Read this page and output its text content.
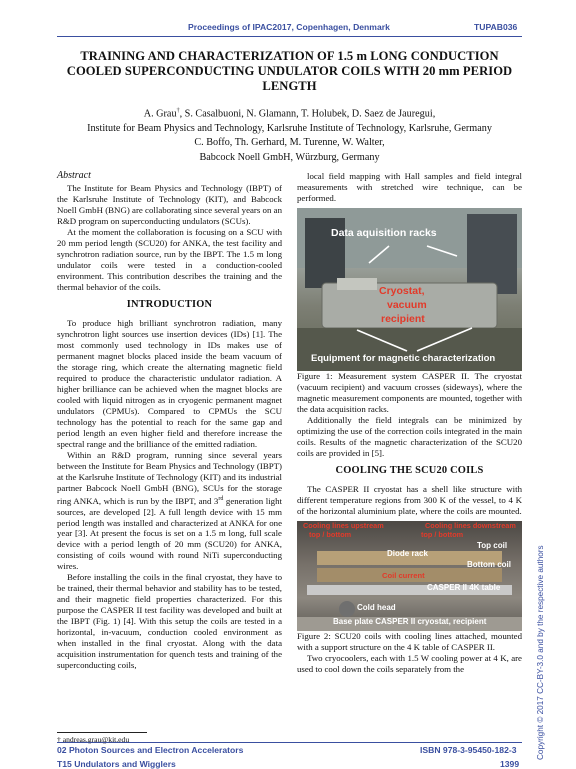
Proceedings of IPAC2017, Copenhagen, Denmark	TUPAB036
TRAINING AND CHARACTERIZATION OF 1.5 m LONG CONDUCTION COOLED SUPERCONDUCTING UNDULATOR COILS WITH 20 mm PERIOD LENGTH
A. Grau†, S. Casalbuoni, N. Glamann, T. Holubek, D. Saez de Jauregui,
Institute for Beam Physics and Technology, Karlsruhe Institute of Technology, Karlsruhe, Germany
C. Boffo, Th. Gerhard, M. Turenne, W. Walter,
Babcock Noell GmbH, Würzburg, Germany
Abstract

The Institute for Beam Physics and Technology (IBPT) of the Karlsruhe Institute of Technology (KIT), and Babcock Noell GmbH (BNG) are collaborating since several years on an R&D program on superconducting undulators (SCUs).

At the moment the collaboration is focusing on a SCU with 20 mm period length (SCU20) for ANKA, the test facility and synchrotron radiation source, run by the IBPT. The 1.5 m long undulator coils were tested in a conduction-cooled environment. This contribution describes the training and the thermal behavior of the coils.

INTRODUCTION

To produce high brilliant synchrotron radiation, many synchrotron light sources use insertion devices (IDs) [1]. The most commonly used technology in IDs makes use of permanent magnet blocks placed inside the beam vacuum of the storage ring, which create the alternating magnetic field required to produce the characteristic undulator radiation. A higher brilliance can be achieved when the magnet blocks are cooled with liquid nitrogen as in cryogenic permanent magnet undulators (CPMUs). Compared to CPMUs the SCU technology has the potential to reach for the same gap and period length an even higher field and therefore increase the spectral range and the brilliance of the emitted radiation.

Within an R&D program, running since several years between the Institute for Beam Physics and Technology (IBPT) at the Karlsruhe Institute of Technology (KIT) and its industrial partner Babcock Noell GmbH (BNG), SCUs for the storage ring ANKA, which is run by the IBPT, and 3rd generation light sources, are developed [2]. A full length device with 15 mm period length was installed and characterized at ANKA for one year [3]. At present the focus is set on a 1.5 m long, full scale device with a period length of 20 mm (SCU20) for ANKA, consisting of coils wound with round NiTi superconducting wires.

Before installing the coils in the final cryostat, they have to be trained, their thermal behavior and stability has to be tested, and their magnetic field properties characterized. For this purpose the CASPER II test facility was developed and built at the IBPT (Fig. 1) [4]. With this setup the coils are tested in a horizontal, in-vacuum, conduction cooled environment as when installed in the final cryostat. Along with the data acquisition instrumentation for quench tests and training of the superconducting coils,

† andreas.grau@kit.edu

local field mapping with Hall samples and field integral measurements with stretched wire technique, can be performed.

Data aquisition racks
Cryostat,
vacuum
recipient
Equipment for magnetic characterization

Figure 1: Measurement system CASPER II. The cryostat (vacuum recipient) and vacuum crosses (sideways), where the magnetic measurement components are mounted, together with the data acquisition racks.

Additionally the field integrals can be minimized by optimizing the use of the correction coils integrated in the main coils. Results of the magnetic characterization of the SCU20 coils are provided in [5].

COOLING THE SCU20 COILS

The CASPER II cryostat has a shell like structure with different temperature regions from 300 K of the vessel, to 4 K of the horizontal aluminium plate, where the coils are mounted.

Cooling lines upstream
top / bottom
Cooling lines downstream
top / bottom
Top coil
Diode rack
Bottom coil
Coil current
CASPER II 4K table
Cold head
Base plate CASPER II cryostat, recipient

Figure 2: SCU20 coils with cooling lines attached, mounted with a support structure on the 4 K table of CASPER II.

Two cryocoolers, each with 1.5 W cooling power at 4 K, are used to cool down the coils separately from the

02 Photon Sources and Electron Accelerators
T15 Undulators and Wigglers
ISBN 978-3-95450-182-3
1399
Copyright © 2017 CC-BY-3.0 and by the respective authors
